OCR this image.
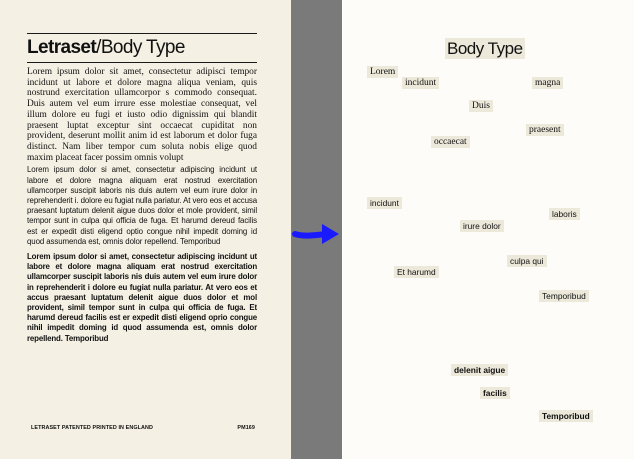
Letraset/Body Type

Lorem ipsum dolor sit amet, consectetur adipisci tempor incidunt ut labore et dolore magna aliqua veniam, quis nostrund exercitation ullamcorpor s commodo consequat. Duis autem vel eum irrure esse molestiae consequat, vel illum dolore eu fugi et iusto odio dignissim qui blandit praesent luptat exceptur sint occaecat cupiditat non provident, deserunt mollit anim id est laborum et dolor fuga distinct. Nam liber tempor cum soluta nobis elige quod maxim placeat facer possim omnis volupt

Lorem ipsum dolor si amet, consectetur adipiscing incidunt ut labore et dolore magna aliquam erat nostrud exercitation ullamcorper suscipit laboris nis duis autem vel eum irure dolor in reprehenderit i. dolore eu fugiat nulla pariatur. At vero eos et accusa praesant luptatum delenit aigue duos dolor et mole provident, simil tempor sunt in culpa qui officia de fuga. Et harumd dereud facilis est er expedit disti eligend optio congue nihil impedit doming id quod assumenda est, omnis dolor repellend. Temporibud

Lorem ipsum dolor si amet, consectetur adipiscing incidunt ut labore et dolore magna aliquam erat nostrud exercitation ullamcorper suscipit laboris nis duis autem vel eum irure dolor in reprehenderit i dolore eu fugiat nulla pariatur. At vero eos et accus praesant luptatum delenit aigue duos dolor et mol provident, simil tempor sunt in culpa qui officia de fuga. Et harumd dereud facilis est er expedit disti eligend oprio congue nihil impedit doming id quod assumenda est, omnis dolor repellend. Temporibud

LETRASET PATENTED PRINTED IN ENGLAND	PM169
Body Type
Lorem
incidunt	magna
Duis
praesent
occaecat
incidunt
laboris
irure dolor
culpa qui
Et harumd
Temporibud
delenit aigue
facilis
Temporibud
